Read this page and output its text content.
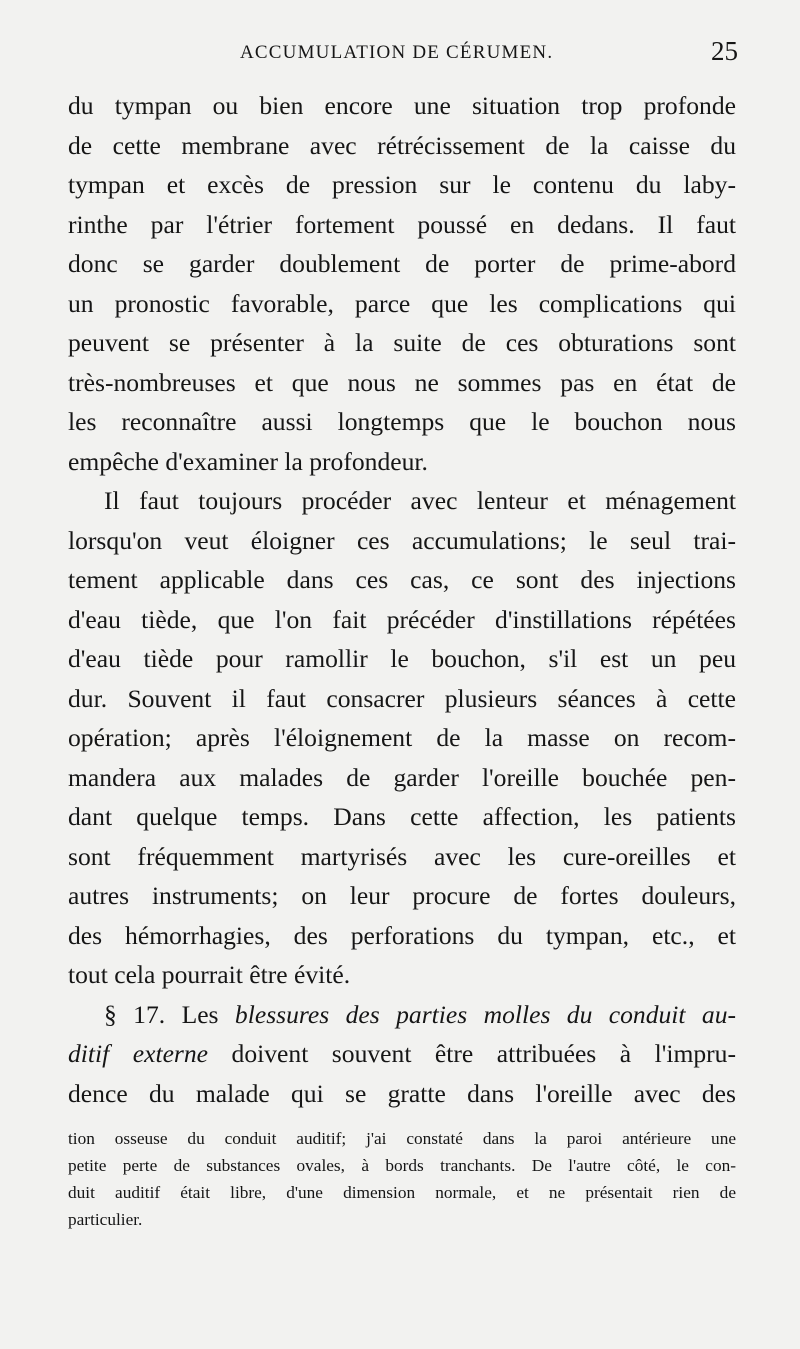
ACCUMULATION DE CÉRUMEN.	25
du tympan ou bien encore une situation trop profonde
de cette membrane avec rétrécissement de la caisse du
tympan et excès de pression sur le contenu du laby-
rinthe par l'étrier fortement poussé en dedans. Il faut
donc se garder doublement de porter de prime-abord
un pronostic favorable, parce que les complications qui
peuvent se présenter à la suite de ces obturations sont
très-nombreuses et que nous ne sommes pas en état de
les reconnaître aussi longtemps que le bouchon nous
empêche d'examiner la profondeur.
Il faut toujours procéder avec lenteur et ménagement
lorsqu'on veut éloigner ces accumulations; le seul trai-
tement applicable dans ces cas, ce sont des injections
d'eau tiède, que l'on fait précéder d'instillations répétées
d'eau tiède pour ramollir le bouchon, s'il est un peu
dur. Souvent il faut consacrer plusieurs séances à cette
opération; après l'éloignement de la masse on recom-
mandera aux malades de garder l'oreille bouchée pen-
dant quelque temps. Dans cette affection, les patients
sont fréquemment martyrisés avec les cure-oreilles et
autres instruments; on leur procure de fortes douleurs,
des hémorrhagies, des perforations du tympan, etc., et
tout cela pourrait être évité.
§ 17. Les blessures des parties molles du conduit au-
ditif externe doivent souvent être attribuées à l'impru-
dence du malade qui se gratte dans l'oreille avec des
tion osseuse du conduit auditif; j'ai constaté dans la paroi antérieure une
petite perte de substances ovales, à bords tranchants. De l'autre côté, le con-
duit auditif était libre, d'une dimension normale, et ne présentait rien de
particulier.
